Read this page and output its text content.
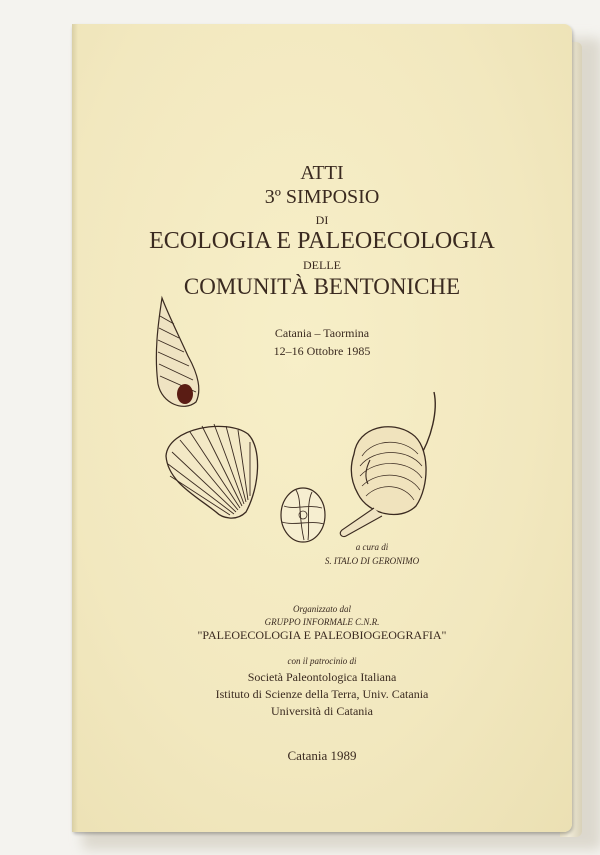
ATTI
3º SIMPOSIO
DI
ECOLOGIA E PALEOECOLOGIA
DELLE
COMUNITÀ BENTONICHE
Catania – Taormina
12–16 Ottobre 1985
a cura di
S. ITALO DI GERONIMO
Organizzato dal
GRUPPO INFORMALE C.N.R.
"PALEOECOLOGIA E PALEOBIOGEOGRAFIA"
con il patrocinio di
Società Paleontologica Italiana
Istituto di Scienze della Terra, Univ. Catania
Università di Catania
Catania 1989
